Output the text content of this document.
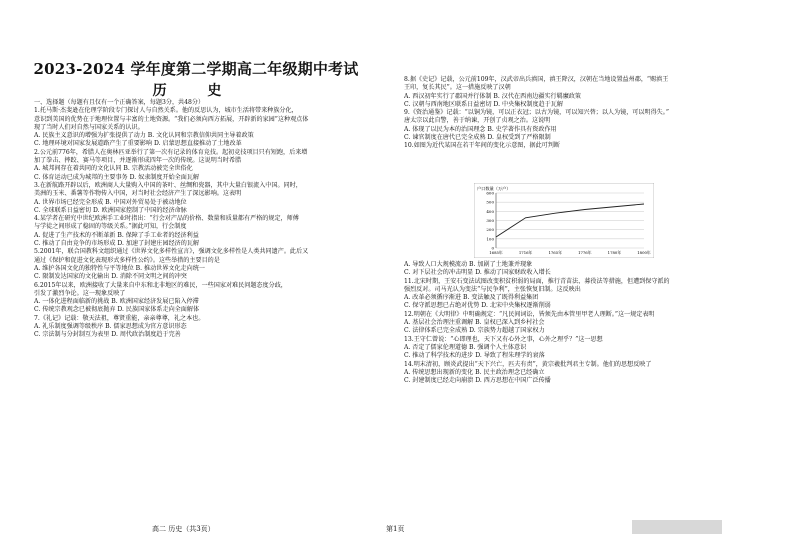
2023-2024 学年度第二学期高二年级期中考试
历 史

一、选择题（每题有且仅有一个正确答案，每题3分，共48分）

1.托马斯·杰斐逊在伦理学阶段专门探讨人与自然关系。他的反思认为，城市生活将带来种族分化，

意识到美国的优势在于地理位置与丰富的土地资源。“我们必须向西方拓展，开辟新的家园”这种观点体

现了当时人们对自然与国家关系的认识。

A. 民族主义意识的增强为扩张提供了动力 B. 文化认同和宗教信仰共同主导着政策

C. 地理环境对国家发展道路产生了重要影响 D. 启蒙思想直接推动了土地改革

2.公元前776年，希腊人在奥林匹亚举行了第一次有记录的体育竞技。起初竞技项目只有短跑，后来增

加了拳击、摔跤、赛马等项目，并逐渐形成四年一次的传统。这说明当时希腊

A. 城邦间存在着共同的文化认同 B. 宗教活动被完全世俗化

C. 体育运动已成为城邦的主要事务 D. 奴隶制度开始全面瓦解

3.在新航路开辟以后，欧洲商人大量购入中国的茶叶、丝绸和瓷器，其中大量白银流入中国。同时，

美洲的玉米、番薯等作物传入中国，对当时社会经济产生了深远影响。这表明

A. 世界市场已经完全形成 B. 中国对外贸易处于被动地位

C. 全球联系日益密切 D. 欧洲国家控制了中国的经济命脉

4.某学者在研究中世纪欧洲手工业时指出：“行会对产品的价格、数量和质量都有严格的规定，师傅

与学徒之间形成了稳固的等级关系。”据此可知，行会制度

A. 促进了生产技术的不断革新 B. 保障了手工业者的经济利益

C. 推动了自由竞争的市场形成 D. 加速了封建庄园经济的瓦解

5.2001年，联合国教科文组织通过《世界文化多样性宣言》，强调文化多样性是人类共同遗产。此后又

通过《保护和促进文化表现形式多样性公约》。这些举措的主要目的是

A. 维护各国文化的独特性与平等地位 B. 推动世界文化走向统一

C. 限制发达国家的文化输出 D. 消除不同文明之间的冲突

6.2015年以来，欧洲接收了大量来自中东和北非地区的难民，一些国家对难民问题态度分歧，

引发了激烈争论。这一现象反映了

A. 一体化进程面临新的挑战 B. 欧洲国家经济发展已陷入停滞

C. 传统宗教观念已被彻底抛弃 D. 民族国家体系走向全面解体

7.《礼记》记载：敬天法祖，尊贤重能，亲亲尊尊，礼之本也。

A. 礼乐制度强调等级秩序 B. 儒家思想成为官方意识形态

C. 宗法制与分封制互为表里 D. 周代政治制度趋于完善

8.据《史记》记载，公元前109年，汉武帝出兵滇国，滇王降汉，汉朝在当地设置益州郡，“赐滇王

王印，复长其民”。这一措施反映了汉朝

A. 西汉初年实行了郡国并行体制 B. 汉代在西南边疆实行羁縻政策

C. 汉朝与西南地区联系日益密切 D. 中央集权制度趋于瓦解

9.《资治通鉴》记载：“以铜为镜，可以正衣冠；以古为镜，可以知兴替；以人为镜，可以明得失。”

唐太宗以此自警，善于纳谏，开创了贞观之治。这说明

A. 体现了以民为本的治国理念 B. 史学著作具有资政作用

C. 谏官制度在唐代已完全成熟 D. 皇权受到了严格限制

10.如图为近代某国在若干年间的变化示意图，据此可判断

户口数量（万户）
0
100
200
300
400
500
600
1685年	1716年	1765年	1776年	1780年	1800年

A. 导致人口大规模流动 B. 加剧了土地兼并现象

C. 对下层社会的冲击明显 D. 推动了国家财政收入增长

11.北宋时期，王安石变法试图改变积贫积弱的局面，推行青苗法、募役法等措施，但遭到保守派的

强烈反对。司马光认为变法“与民争利”，主张恢复旧制。这反映出

A. 改革必须循序渐进 B. 变法触及了既得利益集团

C. 保守派思想已占绝对优势 D. 北宋中央集权逐渐削弱

12.明朝在《大明律》中明确规定：“凡民间词讼，皆须先由本管里甲老人理断。”这一规定表明

A. 基层社会治理注重调解 B. 皇权已深入到乡村社会

C. 法律体系已完全成熟 D. 宗族势力超越了国家权力

13.王守仁曾说：“心即理也，天下又有心外之事，心外之理乎？”这一思想

A. 否定了儒家伦理道德 B. 强调个人主体意识

C. 推动了科学技术的进步 D. 导致了程朱理学的衰落

14.明末清初，顾炎武提出“天下兴亡，匹夫有责”，黄宗羲批判君主专制。他们的思想反映了

A. 传统思想出现新的变化 B. 民主政治理念已经确立

C. 封建制度已经走向崩溃 D. 西方思想在中国广泛传播

高二 历史（共3页）	第1页
